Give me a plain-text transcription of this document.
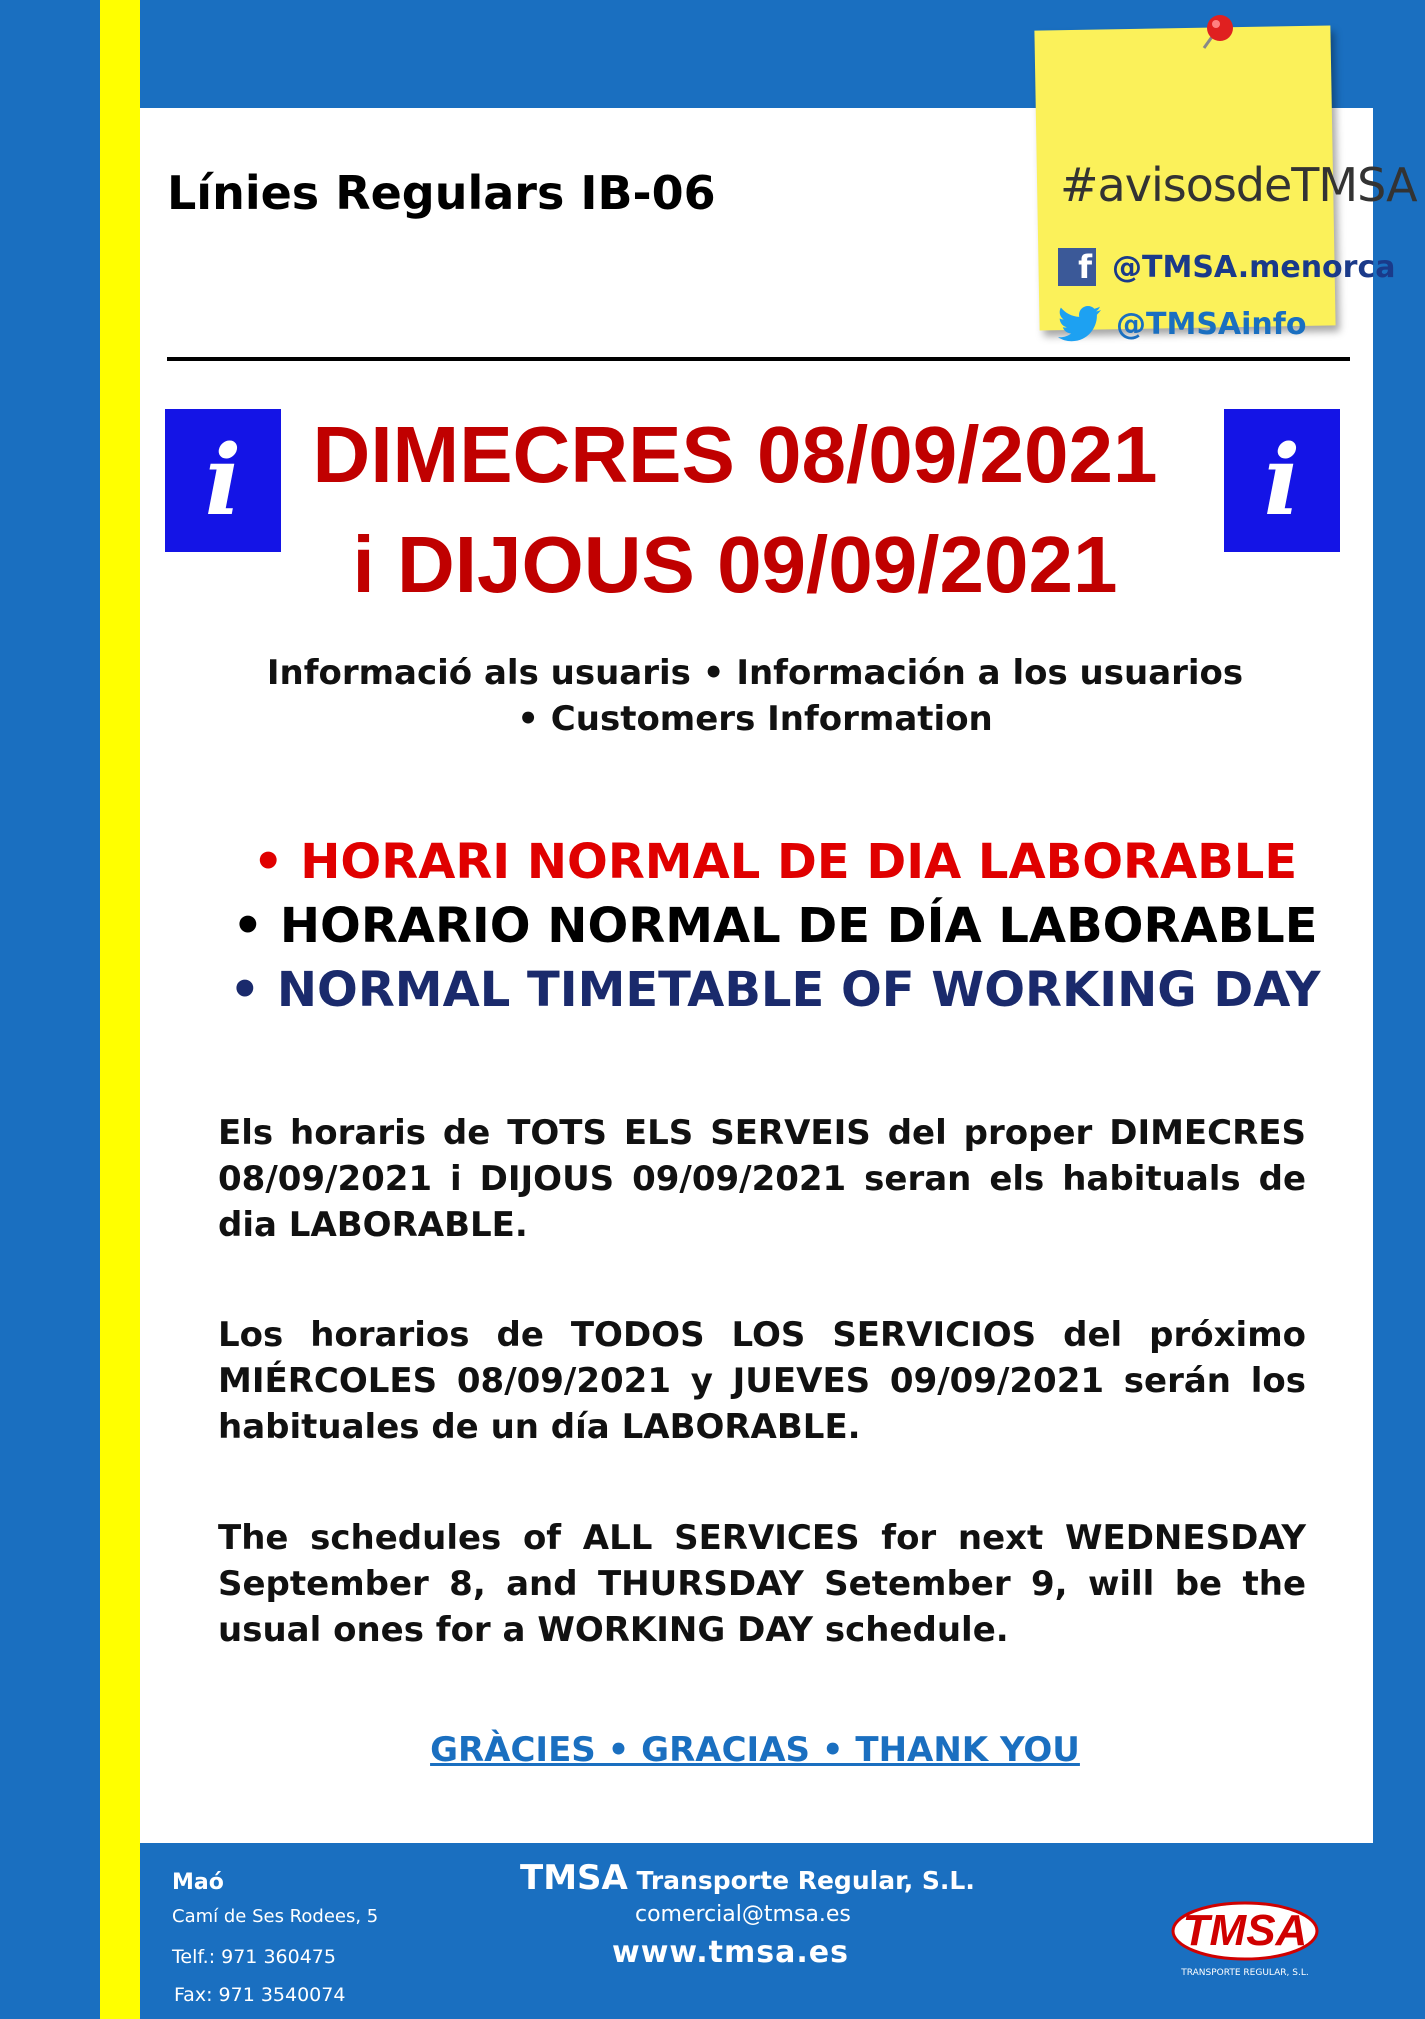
Línies Regulars IB-06	#avisosdeTMSA
f @TMSA.menorca
@TMSAinfo
i	i
DIMECRES 08/09/2021
i DIJOUS 09/09/2021
Informació als usuaris • Información a los usuarios
• Customers Information
• HORARI NORMAL DE DIA LABORABLE
• HORARIO NORMAL DE DÍA LABORABLE
• NORMAL TIMETABLE OF WORKING DAY
Els horaris de TOTS ELS SERVEIS del proper DIMECRES 08/09/2021 i DIJOUS 09/09/2021 seran els habituals de dia LABORABLE.
Los horarios de TODOS LOS SERVICIOS del próximo MIÉRCOLES 08/09/2021 y JUEVES 09/09/2021 serán los habituales de un día LABORABLE.
The schedules of ALL SERVICES for next WEDNESDAY September 8, and THURSDAY Setember 9, will be the usual ones for a WORKING DAY schedule.
GRÀCIES • GRACIAS • THANK YOU
Maó
Camí de Ses Rodees, 5
Telf.: 971 360475
Fax: 971 3540074
TMSA Transporte Regular, S.L.
comercial@tmsa.es
www.tmsa.es	TMSA
TRANSPORTE REGULAR, S.L.
